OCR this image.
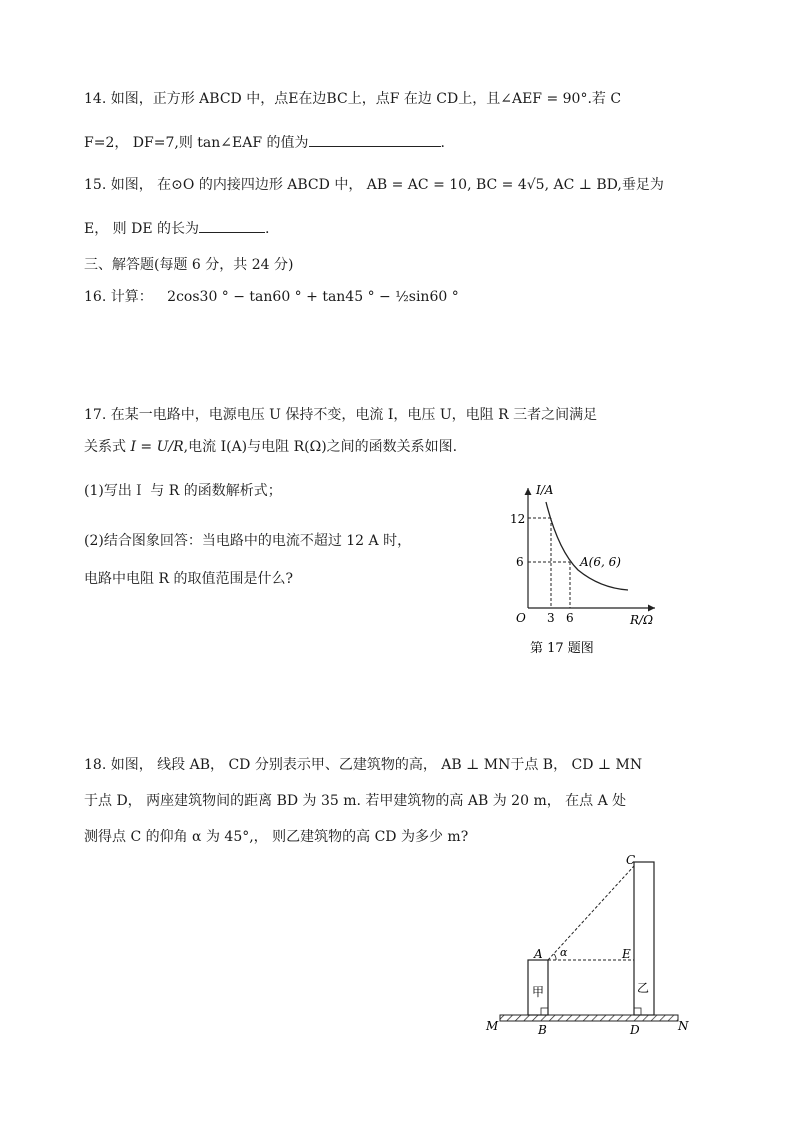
14. 如图，正方形 ABCD 中，点E在边BC上，点F 在边 CD上，且∠AEF = 90°.若 C
F=2， DF=7,则 tan∠EAF 的值为	.
15. 如图， 在⊙O 的内接四边形 ABCD 中， AB = AC = 10, BC = 4√5, AC ⊥ BD,垂足为
E， 则 DE 的长为	.
三、解答题(每题 6 分，共 24 分)
16. 计算： 2cos30 ° − tan60 ° + tan45 ° − ½sin60 °
17. 在某一电路中，电源电压 U 保持不变，电流 I，电压 U，电阻 R 三者之间满足
关系式 I = U/R,电流 I(A)与电阻 R(Ω)之间的函数关系如图.
(1)写出Ｉ 与 R 的函数解析式；
(2)结合图象回答：当电路中的电流不超过 12 A 时，
电路中电阻 R 的取值范围是什么?
I/A
R/Ω
O
12
6
3 6
A(6, 6)
第 17 题图
18. 如图， 线段 AB， CD 分别表示甲、乙建筑物的高， AB ⊥ MN于点 B， CD ⊥ MN
于点 D， 两座建筑物间的距离 BD 为 35 m. 若甲建筑物的高 AB 为 20 m， 在点 A 处
测得点 C 的仰角 α 为 45°,， 则乙建筑物的高 CD 为多少 m?
C
A α	E
甲	乙
M	B	D	N
